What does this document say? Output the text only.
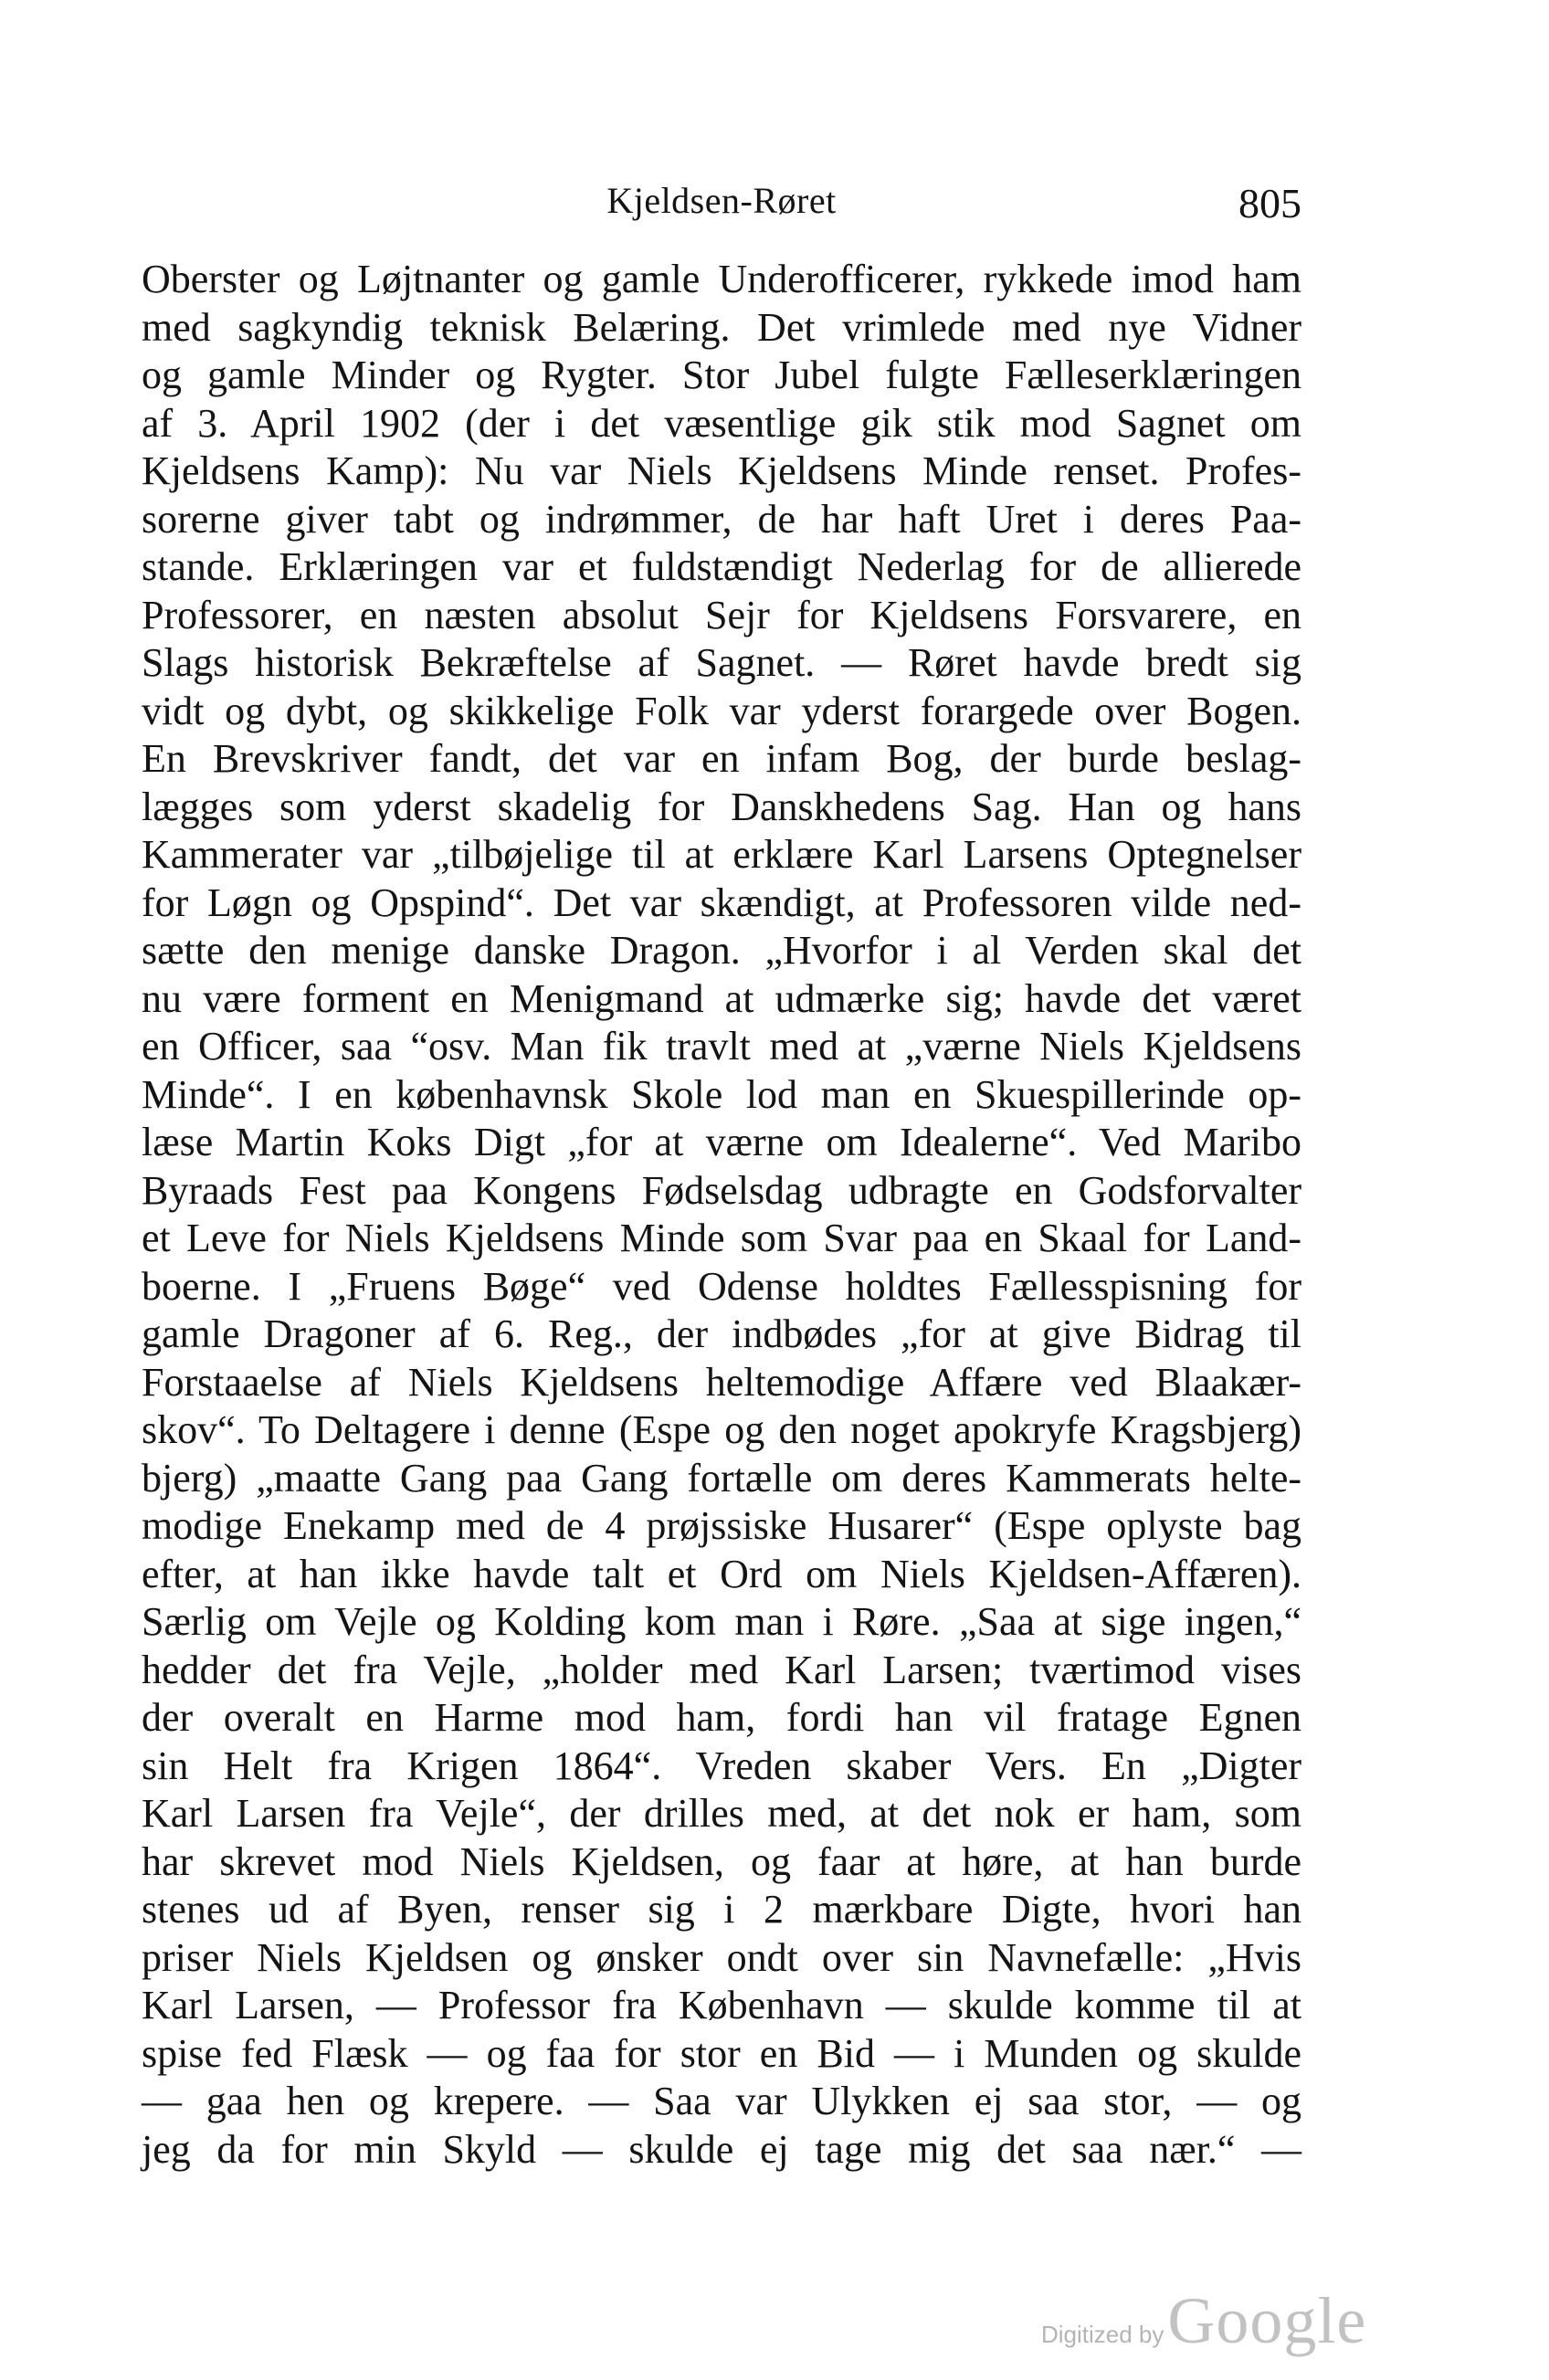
Kjeldsen-Røret	805
Oberster og Løjtnanter og gamle Underofficerer, rykkede imod ham
med sagkyndig teknisk Belæring. Det vrimlede med nye Vidner
og gamle Minder og Rygter. Stor Jubel fulgte Fælleserklæringen
af 3. April 1902 (der i det væsentlige gik stik mod Sagnet om
Kjeldsens Kamp): Nu var Niels Kjeldsens Minde renset. Profes-
sorerne giver tabt og indrømmer, de har haft Uret i deres Paa-
stande. Erklæringen var et fuldstændigt Nederlag for de allierede
Professorer, en næsten absolut Sejr for Kjeldsens Forsvarere, en
Slags historisk Bekræftelse af Sagnet. — Røret havde bredt sig
vidt og dybt, og skikkelige Folk var yderst forargede over Bogen.
En Brevskriver fandt, det var en infam Bog, der burde beslag-
lægges som yderst skadelig for Danskhedens Sag. Han og hans
Kammerater var „tilbøjelige til at erklære Karl Larsens Optegnelser
for Løgn og Opspind“. Det var skændigt, at Professoren vilde ned-
sætte den menige danske Dragon. „Hvorfor i al Verden skal det
nu være forment en Menigmand at udmærke sig; havde det været
en Officer, saa “osv. Man fik travlt med at „værne Niels Kjeldsens
Minde“. I en københavnsk Skole lod man en Skuespillerinde op-
læse Martin Koks Digt „for at værne om Idealerne“. Ved Maribo
Byraads Fest paa Kongens Fødselsdag udbragte en Godsforvalter
et Leve for Niels Kjeldsens Minde som Svar paa en Skaal for Land-
boerne. I „Fruens Bøge“ ved Odense holdtes Fællesspisning for
gamle Dragoner af 6. Reg., der indbødes „for at give Bidrag til
Forstaaelse af Niels Kjeldsens heltemodige Affære ved Blaakær-
skov“. To Deltagere i denne (Espe og den noget apokryfe Kragsbjerg)
bjerg) „maatte Gang paa Gang fortælle om deres Kammerats helte-
modige Enekamp med de 4 prøjssiske Husarer“ (Espe oplyste bag
efter, at han ikke havde talt et Ord om Niels Kjeldsen-Affæren).
Særlig om Vejle og Kolding kom man i Røre. „Saa at sige ingen,“
hedder det fra Vejle, „holder med Karl Larsen; tværtimod vises
der overalt en Harme mod ham, fordi han vil fratage Egnen
sin Helt fra Krigen 1864“. Vreden skaber Vers. En „Digter
Karl Larsen fra Vejle“, der drilles med, at det nok er ham, som
har skrevet mod Niels Kjeldsen, og faar at høre, at han burde
stenes ud af Byen, renser sig i 2 mærkbare Digte, hvori han
priser Niels Kjeldsen og ønsker ondt over sin Navnefælle: „Hvis
Karl Larsen, — Professor fra København — skulde komme til at
spise fed Flæsk — og faa for stor en Bid — i Munden og skulde
— gaa hen og krepere. — Saa var Ulykken ej saa stor, — og
jeg da for min Skyld — skulde ej tage mig det saa nær.“ —
Digitized by Google
